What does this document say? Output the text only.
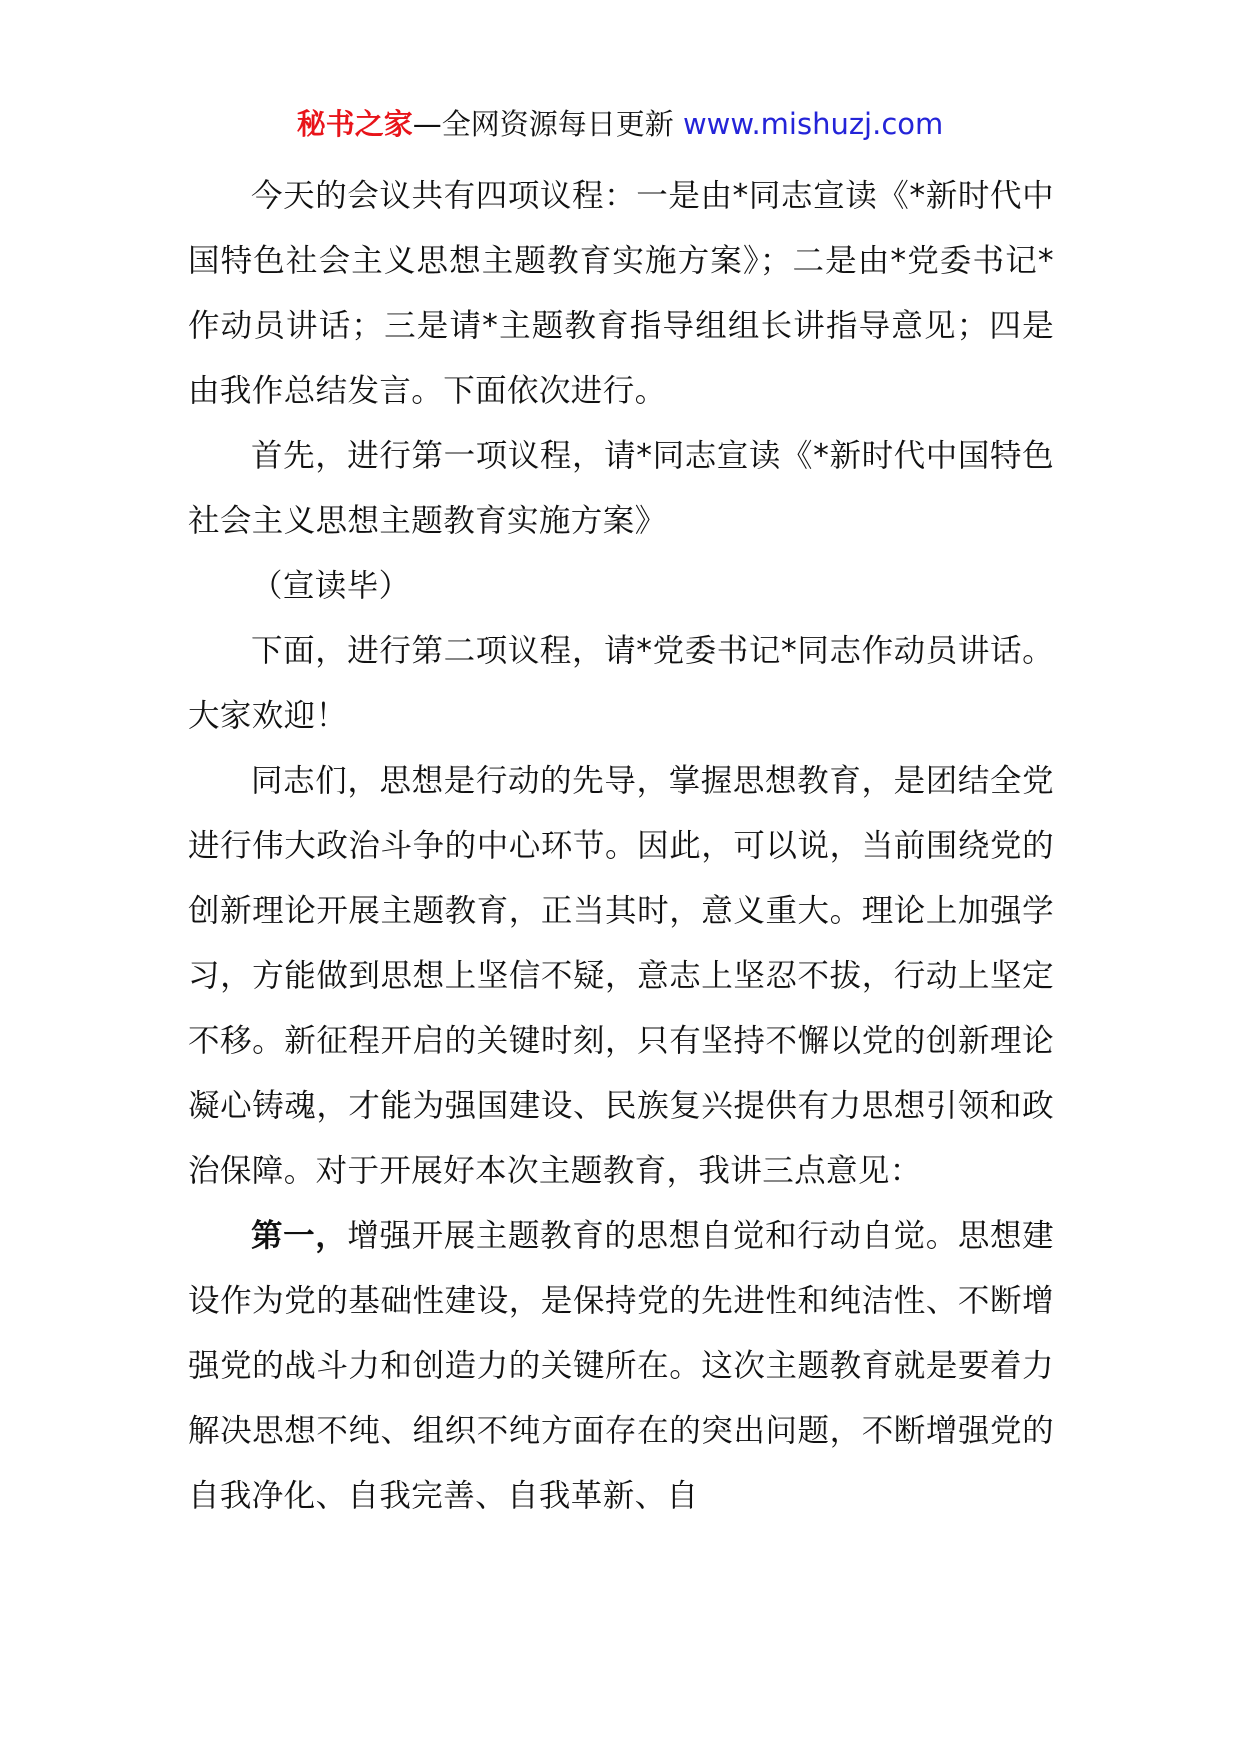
秘书之家—全网资源每日更新 www.mishuzj.com

今天的会议共有四项议程：一是由*同志宣读《*新时代中国特色社会主义思想主题教育实施方案》；二是由*党委书记*作动员讲话；三是请*主题教育指导组组长讲指导意见；四是由我作总结发言。下面依次进行。

首先，进行第一项议程，请*同志宣读《*新时代中国特色社会主义思想主题教育实施方案》

（宣读毕）

下面，进行第二项议程，请*党委书记*同志作动员讲话。大家欢迎！

同志们，思想是行动的先导，掌握思想教育，是团结全党进行伟大政治斗争的中心环节。因此，可以说，当前围绕党的创新理论开展主题教育，正当其时，意义重大。理论上加强学习，方能做到思想上坚信不疑，意志上坚忍不拔，行动上坚定不移。新征程开启的关键时刻，只有坚持不懈以党的创新理论凝心铸魂，才能为强国建设、民族复兴提供有力思想引领和政治保障。对于开展好本次主题教育，我讲三点意见：

第一，增强开展主题教育的思想自觉和行动自觉。思想建设作为党的基础性建设，是保持党的先进性和纯洁性、不断增强党的战斗力和创造力的关键所在。这次主题教育就是要着力解决思想不纯、组织不纯方面存在的突出问题，不断增强党的自我净化、自我完善、自我革新、自
